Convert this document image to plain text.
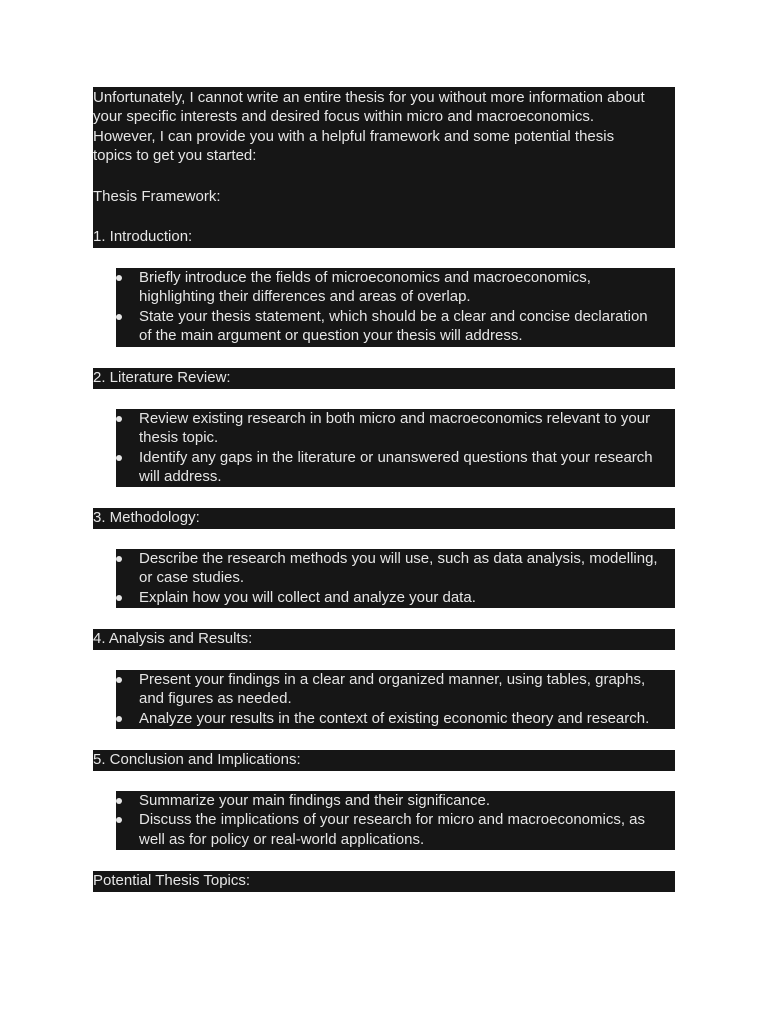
Unfortunately, I cannot write an entire thesis for you without more information about

your specific interests and desired focus within micro and macroeconomics.

However, I can provide you with a helpful framework and some potential thesis

topics to get you started:

Thesis Framework:

1. Introduction:

Briefly introduce the fields of microeconomics and macroeconomics,

highlighting their differences and areas of overlap.

State your thesis statement, which should be a clear and concise declaration

of the main argument or question your thesis will address.

2. Literature Review:

Review existing research in both micro and macroeconomics relevant to your

thesis topic.

Identify any gaps in the literature or unanswered questions that your research

will address.

3. Methodology:

Describe the research methods you will use, such as data analysis, modelling,

or case studies.

Explain how you will collect and analyze your data.

4. Analysis and Results:

Present your findings in a clear and organized manner, using tables, graphs,

and figures as needed.

Analyze your results in the context of existing economic theory and research.

5. Conclusion and Implications:

Summarize your main findings and their significance.

Discuss the implications of your research for micro and macroeconomics, as

well as for policy or real-world applications.

Potential Thesis Topics:
